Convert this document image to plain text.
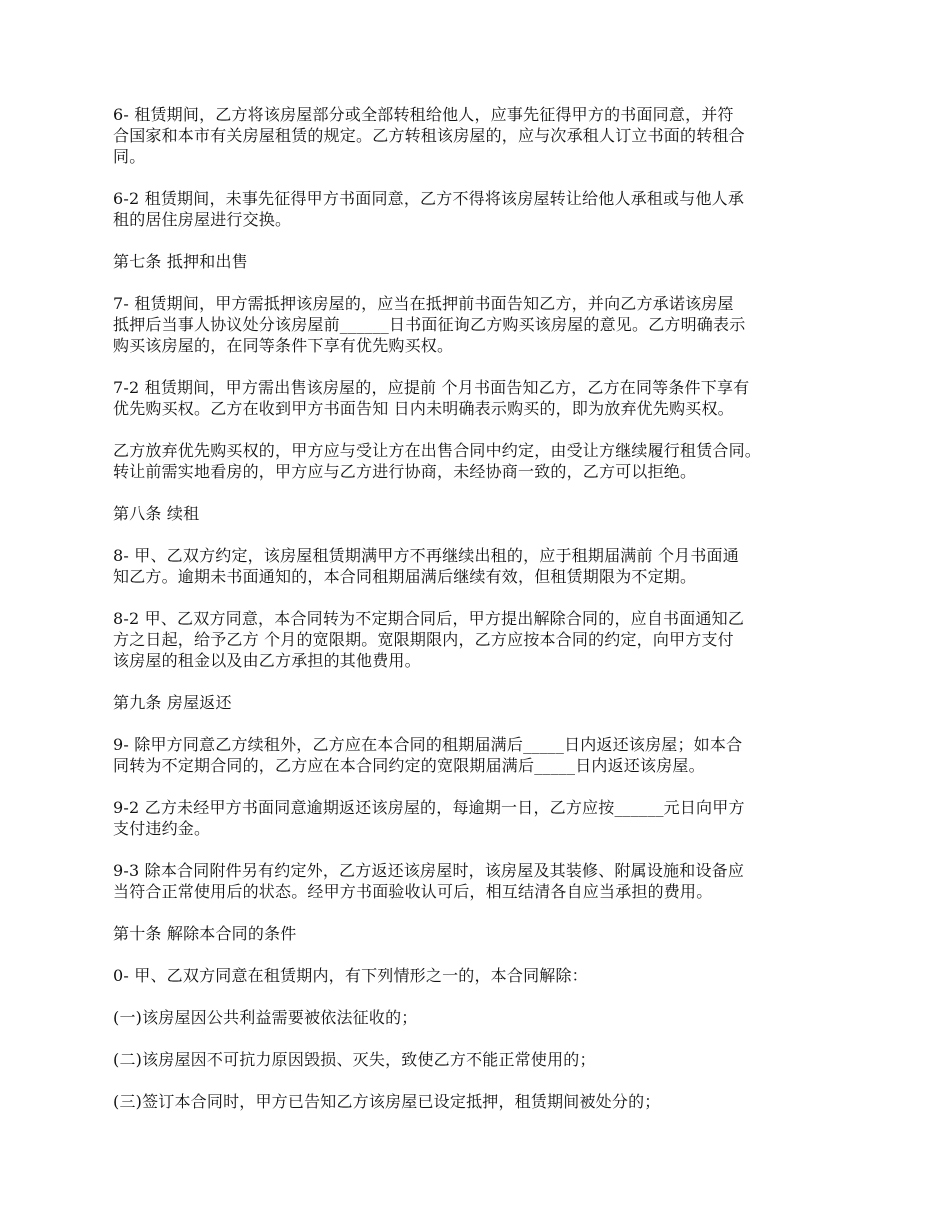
6- 租赁期间，乙方将该房屋部分或全部转租给他人，应事先征得甲方的书面同意，并符
合国家和本市有关房屋租赁的规定。乙方转租该房屋的，应与次承租人订立书面的转租合
同。

6-2 租赁期间，未事先征得甲方书面同意，乙方不得将该房屋转让给他人承租或与他人承
租的居住房屋进行交换。

第七条 抵押和出售

7- 租赁期间，甲方需抵押该房屋的，应当在抵押前书面告知乙方，并向乙方承诺该房屋
抵押后当事人协议处分该房屋前______日书面征询乙方购买该房屋的意见。乙方明确表示
购买该房屋的，在同等条件下享有优先购买权。

7-2 租赁期间，甲方需出售该房屋的，应提前 个月书面告知乙方，乙方在同等条件下享有
优先购买权。乙方在收到甲方书面告知 日内未明确表示购买的，即为放弃优先购买权。

乙方放弃优先购买权的，甲方应与受让方在出售合同中约定，由受让方继续履行租赁合同。
转让前需实地看房的，甲方应与乙方进行协商，未经协商一致的，乙方可以拒绝。

第八条 续租

8- 甲、乙双方约定，该房屋租赁期满甲方不再继续出租的，应于租期届满前 个月书面通
知乙方。逾期未书面通知的，本合同租期届满后继续有效，但租赁期限为不定期。

8-2 甲、乙双方同意，本合同转为不定期合同后，甲方提出解除合同的，应自书面通知乙
方之日起，给予乙方 个月的宽限期。宽限期限内，乙方应按本合同的约定，向甲方支付
该房屋的租金以及由乙方承担的其他费用。

第九条 房屋返还

9- 除甲方同意乙方续租外，乙方应在本合同的租期届满后_____日内返还该房屋；如本合
同转为不定期合同的，乙方应在本合同约定的宽限期届满后_____日内返还该房屋。

9-2 乙方未经甲方书面同意逾期返还该房屋的，每逾期一日，乙方应按______元日向甲方
支付违约金。

9-3 除本合同附件另有约定外，乙方返还该房屋时，该房屋及其装修、附属设施和设备应
当符合正常使用后的状态。经甲方书面验收认可后，相互结清各自应当承担的费用。

第十条 解除本合同的条件

0- 甲、乙双方同意在租赁期内，有下列情形之一的，本合同解除：

(一)该房屋因公共利益需要被依法征收的；

(二)该房屋因不可抗力原因毁损、灭失，致使乙方不能正常使用的；

(三)签订本合同时，甲方已告知乙方该房屋已设定抵押，租赁期间被处分的；
